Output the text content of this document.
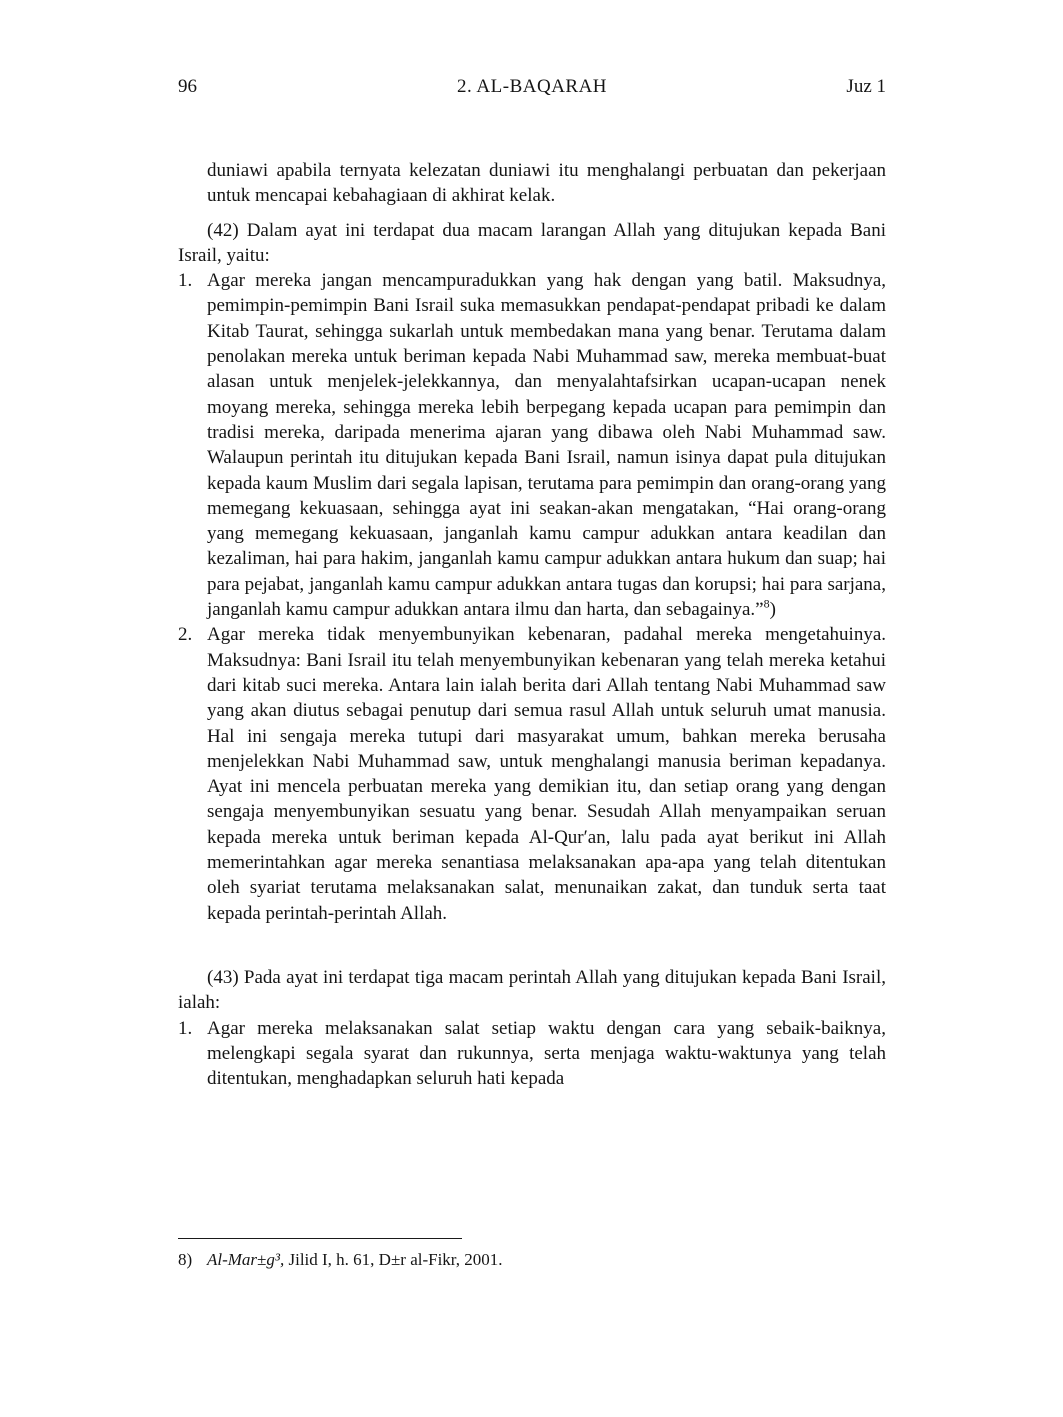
96	2. AL-BAQARAH	Juz 1

duniawi apabila ternyata kelezatan duniawi itu menghalangi perbuatan dan pekerjaan untuk mencapai kebahagiaan di akhirat kelak.

(42) Dalam ayat ini terdapat dua macam larangan Allah yang ditujukan kepada Bani Israil, yaitu:

1. Agar mereka jangan mencampuradukkan yang hak dengan yang batil. Maksudnya, pemimpin-pemimpin Bani Israil suka memasukkan pendapat-pendapat pribadi ke dalam Kitab Taurat, sehingga sukarlah untuk membedakan mana yang benar. Terutama dalam penolakan mereka untuk beriman kepada Nabi Muhammad saw, mereka membuat-buat alasan untuk menjelek-jelekkannya, dan menyalahtafsirkan ucapan-ucapan nenek moyang mereka, sehingga mereka lebih berpegang kepada ucapan para pemimpin dan tradisi mereka, daripada menerima ajaran yang dibawa oleh Nabi Muhammad saw. Walaupun perintah itu ditujukan kepada Bani Israil, namun isinya dapat pula ditujukan kepada kaum Muslim dari segala lapisan, terutama para pemimpin dan orang-orang yang memegang kekuasaan, sehingga ayat ini seakan-akan mengatakan, “Hai orang-orang yang memegang kekuasaan, janganlah kamu campur adukkan antara keadilan dan kezaliman, hai para hakim, janganlah kamu campur adukkan antara hukum dan suap; hai para pejabat, janganlah kamu campur adukkan antara tugas dan korupsi; hai para sarjana, janganlah kamu campur adukkan antara ilmu dan harta, dan sebagainya.”$^8$)
2. Agar mereka tidak menyembunyikan kebenaran, padahal mereka mengetahuinya. Maksudnya: Bani Israil itu telah menyembunyikan kebenaran yang telah mereka ketahui dari kitab suci mereka. Antara lain ialah berita dari Allah tentang Nabi Muhammad saw yang akan diutus sebagai penutup dari semua rasul Allah untuk seluruh umat manusia. Hal ini sengaja mereka tutupi dari masyarakat umum, bahkan mereka berusaha menjelekkan Nabi Muhammad saw, untuk menghalangi manusia beriman kepadanya. Ayat ini mencela perbuatan mereka yang demikian itu, dan setiap orang yang dengan sengaja menyembunyikan sesuatu yang benar. Sesudah Allah menyampaikan seruan kepada mereka untuk beriman kepada Al-Qur′an, lalu pada ayat berikut ini Allah memerintahkan agar mereka senantiasa melaksanakan apa-apa yang telah ditentukan oleh syariat terutama melaksanakan salat, menunaikan zakat, dan tunduk serta taat kepada perintah-perintah Allah.

(43) Pada ayat ini terdapat tiga macam perintah Allah yang ditujukan kepada Bani Israil, ialah:

1. Agar mereka melaksanakan salat setiap waktu dengan cara yang sebaik-baiknya, melengkapi segala syarat dan rukunnya, serta menjaga waktu-waktunya yang telah ditentukan, menghadapkan seluruh hati kepada
8) Al-Mar±g³, Jilid I, h. 61, D±r al-Fikr, 2001.
